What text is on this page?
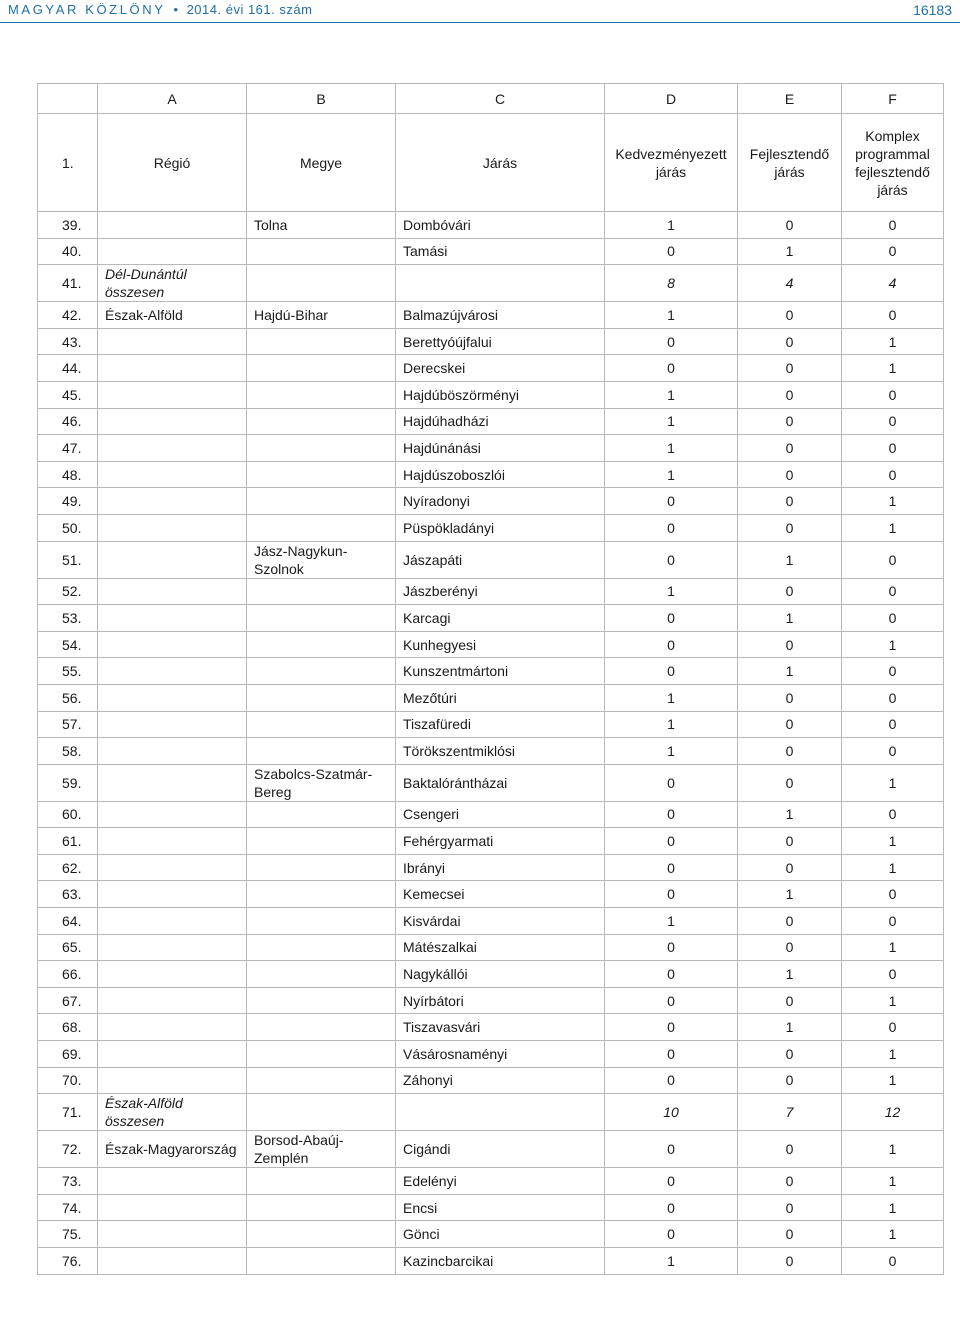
MAGYAR KÖZLÖNY • 2014. évi 161. szám	16183
	A	B	C	D	E	F
1.	Régió	Megye	Járás	Kedvezményezett járás	Fejlesztendő járás	Komplex programmal fejlesztendő járás
39.		Tolna	Dombóvári	1	0	0
40.			Tamási	0	1	0
41.	Dél-Dunántúl összesen			8	4	4
42.	Észak-Alföld	Hajdú-Bihar	Balmazújvárosi	1	0	0
43.			Berettyóújfalui	0	0	1
44.			Derecskei	0	0	1
45.			Hajdúböszörményi	1	0	0
46.			Hajdúhadházi	1	0	0
47.			Hajdúnánási	1	0	0
48.			Hajdúszoboszlói	1	0	0
49.			Nyíradonyi	0	0	1
50.			Püspökladányi	0	0	1
51.		Jász-Nagykun-Szolnok	Jászapáti	0	1	0
52.			Jászberényi	1	0	0
53.			Karcagi	0	1	0
54.			Kunhegyesi	0	0	1
55.			Kunszentmártoni	0	1	0
56.			Mezőtúri	1	0	0
57.			Tiszafüredi	1	0	0
58.			Törökszentmiklósi	1	0	0
59.		Szabolcs-Szatmár-Bereg	Baktalórántházai	0	0	1
60.			Csengeri	0	1	0
61.			Fehérgyarmati	0	0	1
62.			Ibrányi	0	0	1
63.			Kemecsei	0	1	0
64.			Kisvárdai	1	0	0
65.			Mátészalkai	0	0	1
66.			Nagykállói	0	1	0
67.			Nyírbátori	0	0	1
68.			Tiszavasvári	0	1	0
69.			Vásárosnaményi	0	0	1
70.			Záhonyi	0	0	1
71.	Észak-Alföld összesen			10	7	12
72.	Észak-Magyarország	Borsod-Abaúj-Zemplén	Cigándi	0	0	1
73.			Edelényi	0	0	1
74.			Encsi	0	0	1
75.			Gönci	0	0	1
76.			Kazincbarcikai	1	0	0
